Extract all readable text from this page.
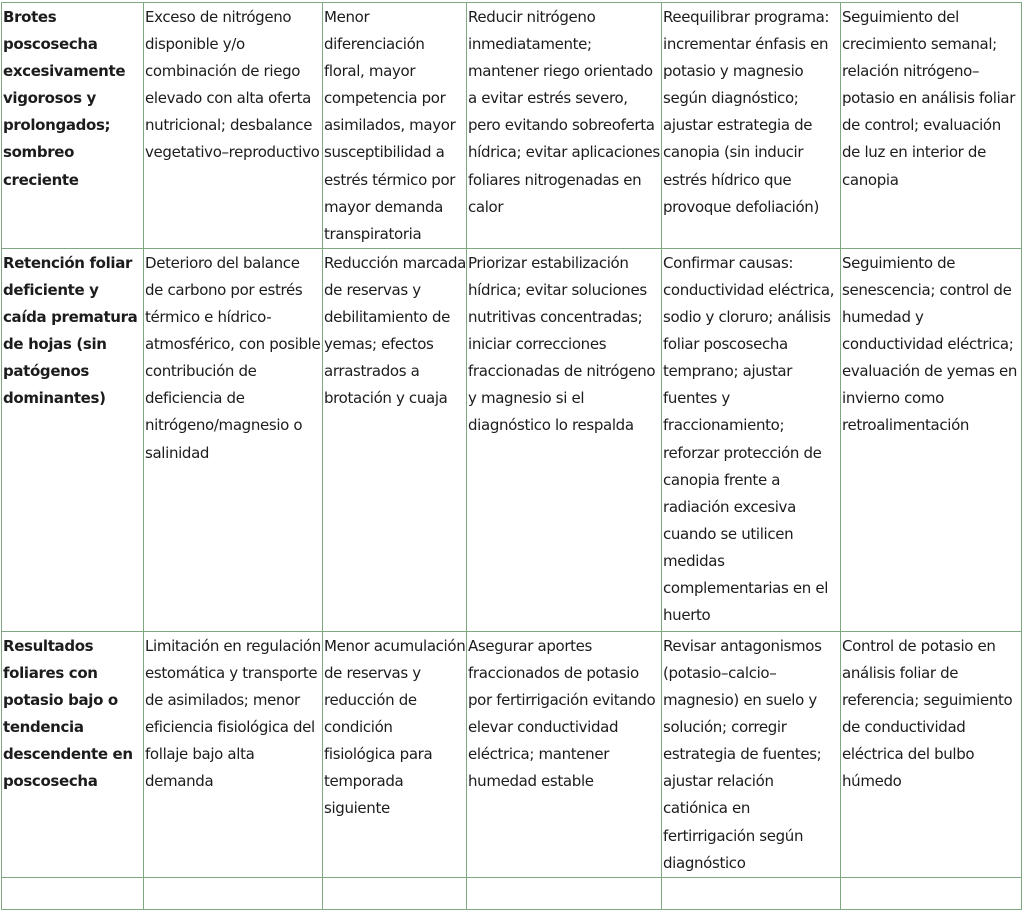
Brotes poscosecha excesivamente vigorosos y prolongados; sombreo creciente	Exceso de nitrógeno disponible y/o combinación de riego elevado con alta oferta nutricional; desbalance vegetativo–reproductivo	Menor diferenciación floral, mayor competencia por asimilados, mayor susceptibilidad a estrés térmico por mayor demanda transpiratoria	Reducir nitrógeno inmediatamente; mantener riego orientado a evitar estrés severo, pero evitando sobreoferta hídrica; evitar aplicaciones foliares nitrogenadas en calor	Reequilibrar programa: incrementar énfasis en potasio y magnesio según diagnóstico; ajustar estrategia de canopia (sin inducir estrés hídrico que provoque defoliación)	Seguimiento del crecimiento semanal; relación nitrógeno–potasio en análisis foliar de control; evaluación de luz en interior de canopia
Retención foliar deficiente y caída prematura de hojas (sin patógenos dominantes)	Deterioro del balance de carbono por estrés térmico e hídrico-atmosférico, con posible contribución de deficiencia de nitrógeno/magnesio o salinidad	Reducción marcada de reservas y debilitamiento de yemas; efectos arrastrados a brotación y cuaja	Priorizar estabilización hídrica; evitar soluciones nutritivas concentradas; iniciar correcciones fraccionadas de nitrógeno y magnesio si el diagnóstico lo respalda	Confirmar causas: conductividad eléctrica, sodio y cloruro; análisis foliar poscosecha temprano; ajustar fuentes y fraccionamiento; reforzar protección de canopia frente a radiación excesiva cuando se utilicen medidas complementarias en el huerto	Seguimiento de senescencia; control de humedad y conductividad eléctrica; evaluación de yemas en invierno como retroalimentación
Resultados foliares con potasio bajo o tendencia descendente en poscosecha	Limitación en regulación estomática y transporte de asimilados; menor eficiencia fisiológica del follaje bajo alta demanda	Menor acumulación de reservas y reducción de condición fisiológica para temporada siguiente	Asegurar aportes fraccionados de potasio por fertirrigación evitando elevar conductividad eléctrica; mantener humedad estable	Revisar antagonismos (potasio–calcio–magnesio) en suelo y solución; corregir estrategia de fuentes; ajustar relación catiónica en fertirrigación según diagnóstico	Control de potasio en análisis foliar de referencia; seguimiento de conductividad eléctrica del bulbo húmedo
